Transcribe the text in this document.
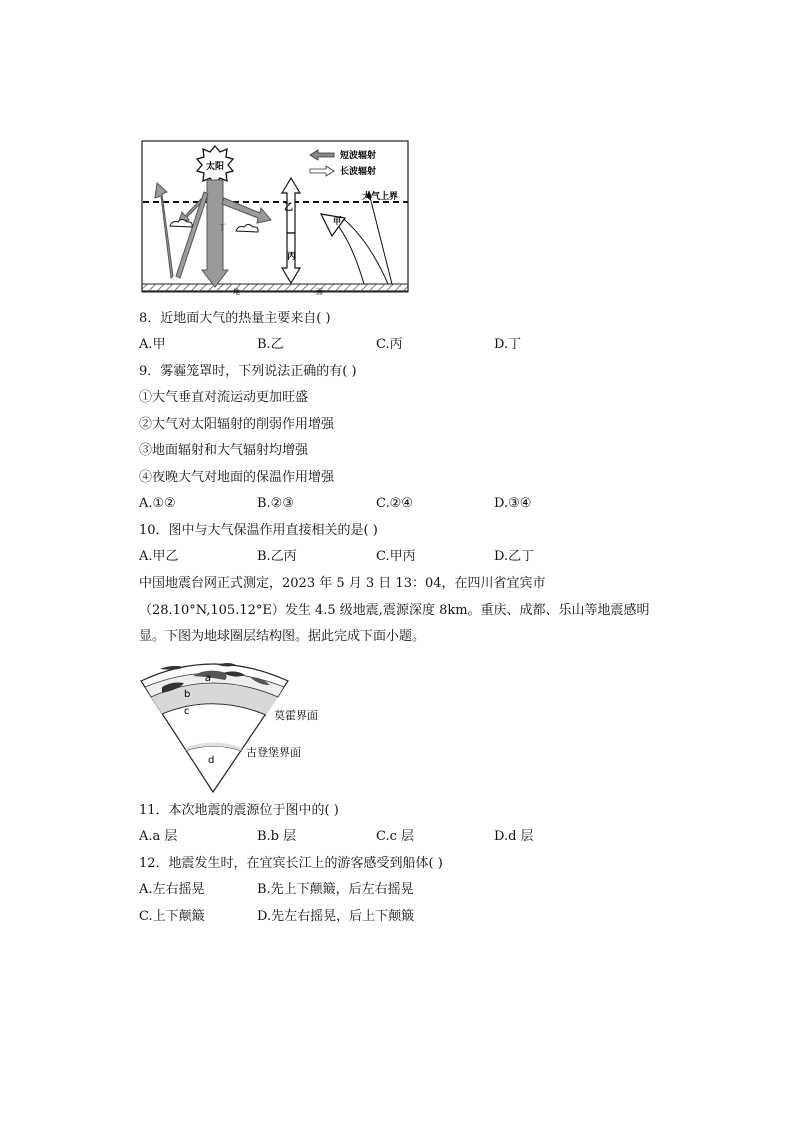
太阳
丁
乙
丙
甲
短波辐射
长波辐射
大气上界
地	面
8．近地面大气的热量主要来自( )
A.甲	B.乙	C.丙	D.丁
9．雾霾笼罩时，下列说法正确的有( )
①大气垂直对流运动更加旺盛
②大气对太阳辐射的削弱作用增强
③地面辐射和大气辐射均增强
④夜晚大气对地面的保温作用增强
A.①②	B.②③	C.②④	D.③④
10．图中与大气保温作用直接相关的是( )
A.甲乙	B.乙丙	C.甲丙	D.乙丁
中国地震台网正式测定，2023 年 5 月 3 日 13：04，在四川省宜宾市
（28.10°N,105.12°E）发生 4.5 级地震,震源深度 8km。重庆、成都、乐山等地震感明
显。下图为地球圈层结构图。据此完成下面小题。
a
b
c
d
莫霍界面
古登堡界面
11．本次地震的震源位于图中的( )
A.a 层	B.b 层	C.c 层	D.d 层
12．地震发生时，在宜宾长江上的游客感受到船体( )
A.左右摇晃	B.先上下颠簸，后左右摇晃
C.上下颠簸	D.先左右摇晃，后上下颠簸
